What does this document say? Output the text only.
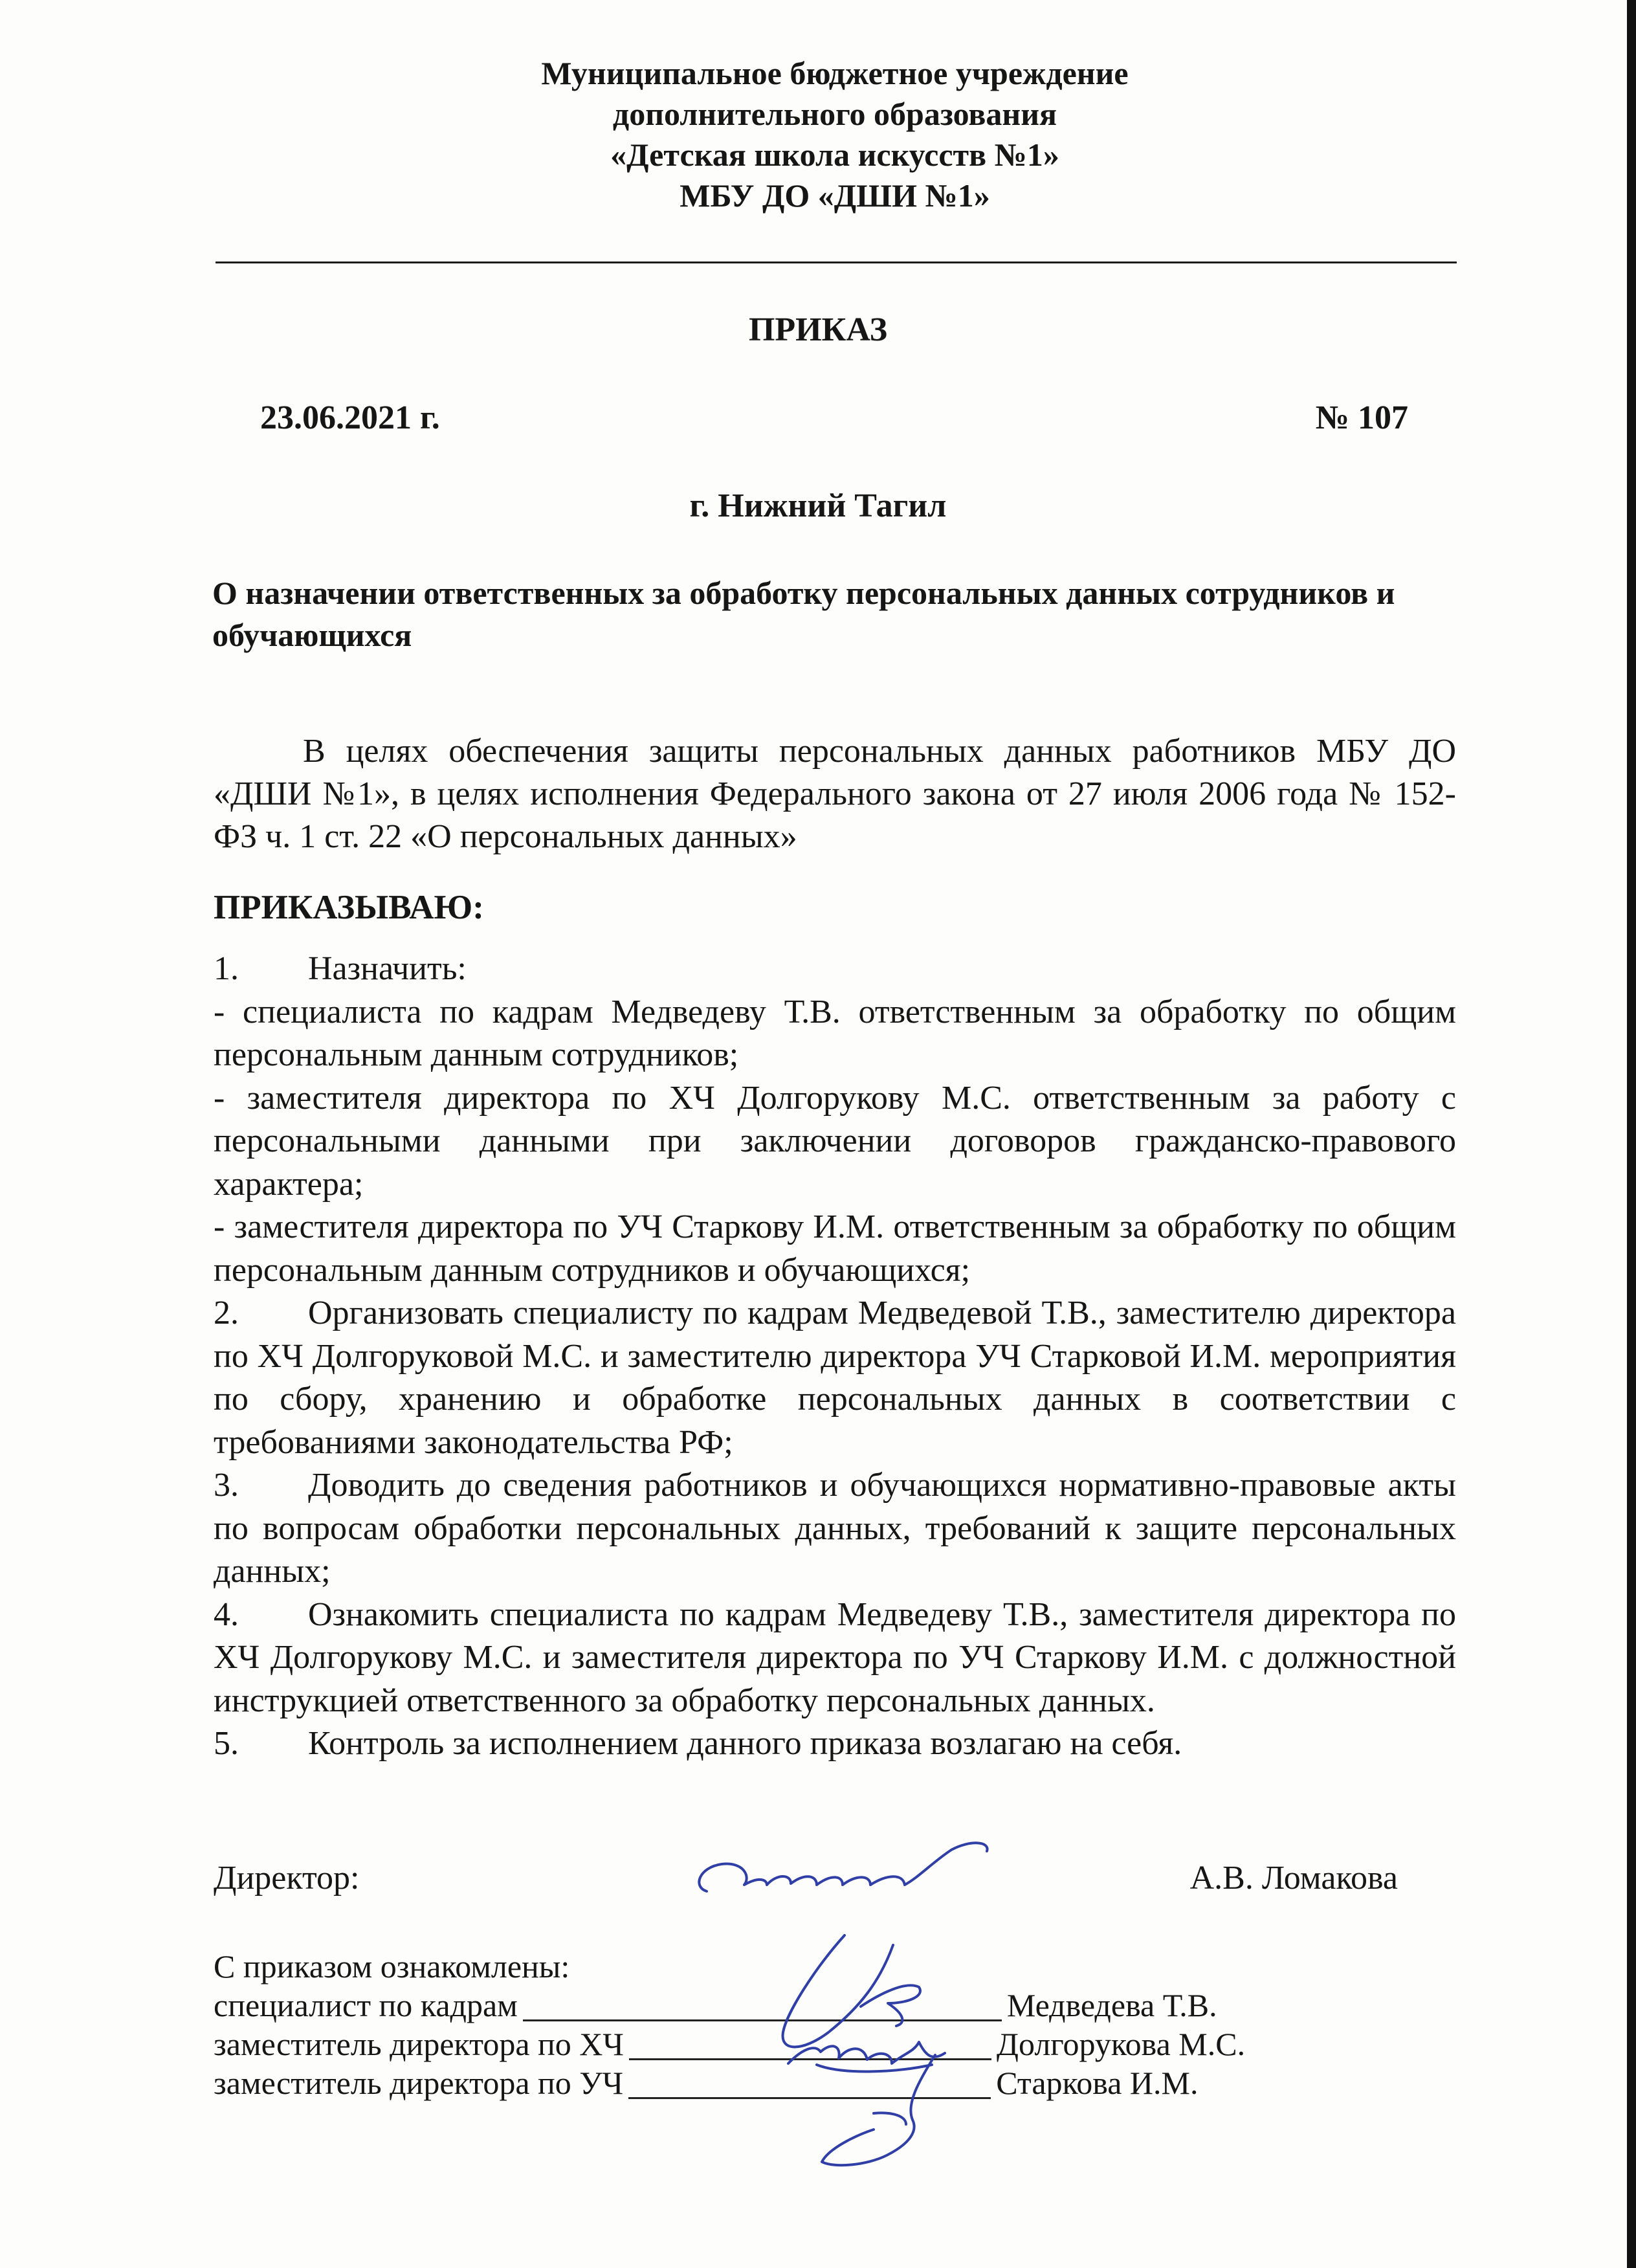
Муниципальное бюджетное учреждение
дополнительного образования
«Детская школа искусств №1»
МБУ ДО «ДШИ №1»
ПРИКАЗ
23.06.2021 г.	№ 107
г. Нижний Тагил
О назначении ответственных за обработку персональных данных сотрудников и обучающихся
В целях обеспечения защиты персональных данных работников МБУ ДО «ДШИ №1», в целях исполнения Федерального закона от 27 июля 2006 года № 152-ФЗ ч. 1 ст. 22 «О персональных данных»
ПРИКАЗЫВАЮ:

1. Назначить:

- специалиста по кадрам Медведеву Т.В. ответственным за обработку по общим персональным данным сотрудников;

- заместителя директора по ХЧ Долгорукову М.С. ответственным за работу с персональными данными при заключении договоров гражданско-правового характера;

- заместителя директора по УЧ Старкову И.М. ответственным за обработку по общим персональным данным сотрудников и обучающихся;

2. Организовать специалисту по кадрам Медведевой Т.В., заместителю директора по ХЧ Долгоруковой М.С. и заместителю директора УЧ Старковой И.М. мероприятия по сбору, хранению и обработке персональных данных в соответствии с требованиями законодательства РФ;

3. Доводить до сведения работников и обучающихся нормативно-правовые акты по вопросам обработки персональных данных, требований к защите персональных данных;

4. Ознакомить специалиста по кадрам Медведеву Т.В., заместителя директора по ХЧ Долгорукову М.С. и заместителя директора по УЧ Старкову И.М. с должностной инструкцией ответственного за обработку персональных данных.

5. Контроль за исполнением данного приказа возлагаю на себя.

Директор:	А.В. Ломакова
С приказом ознакомлены:
специалист по кадрам	Медведева Т.В.
заместитель директора по ХЧ	Долгорукова М.С.
заместитель директора по УЧ	Старкова И.М.
